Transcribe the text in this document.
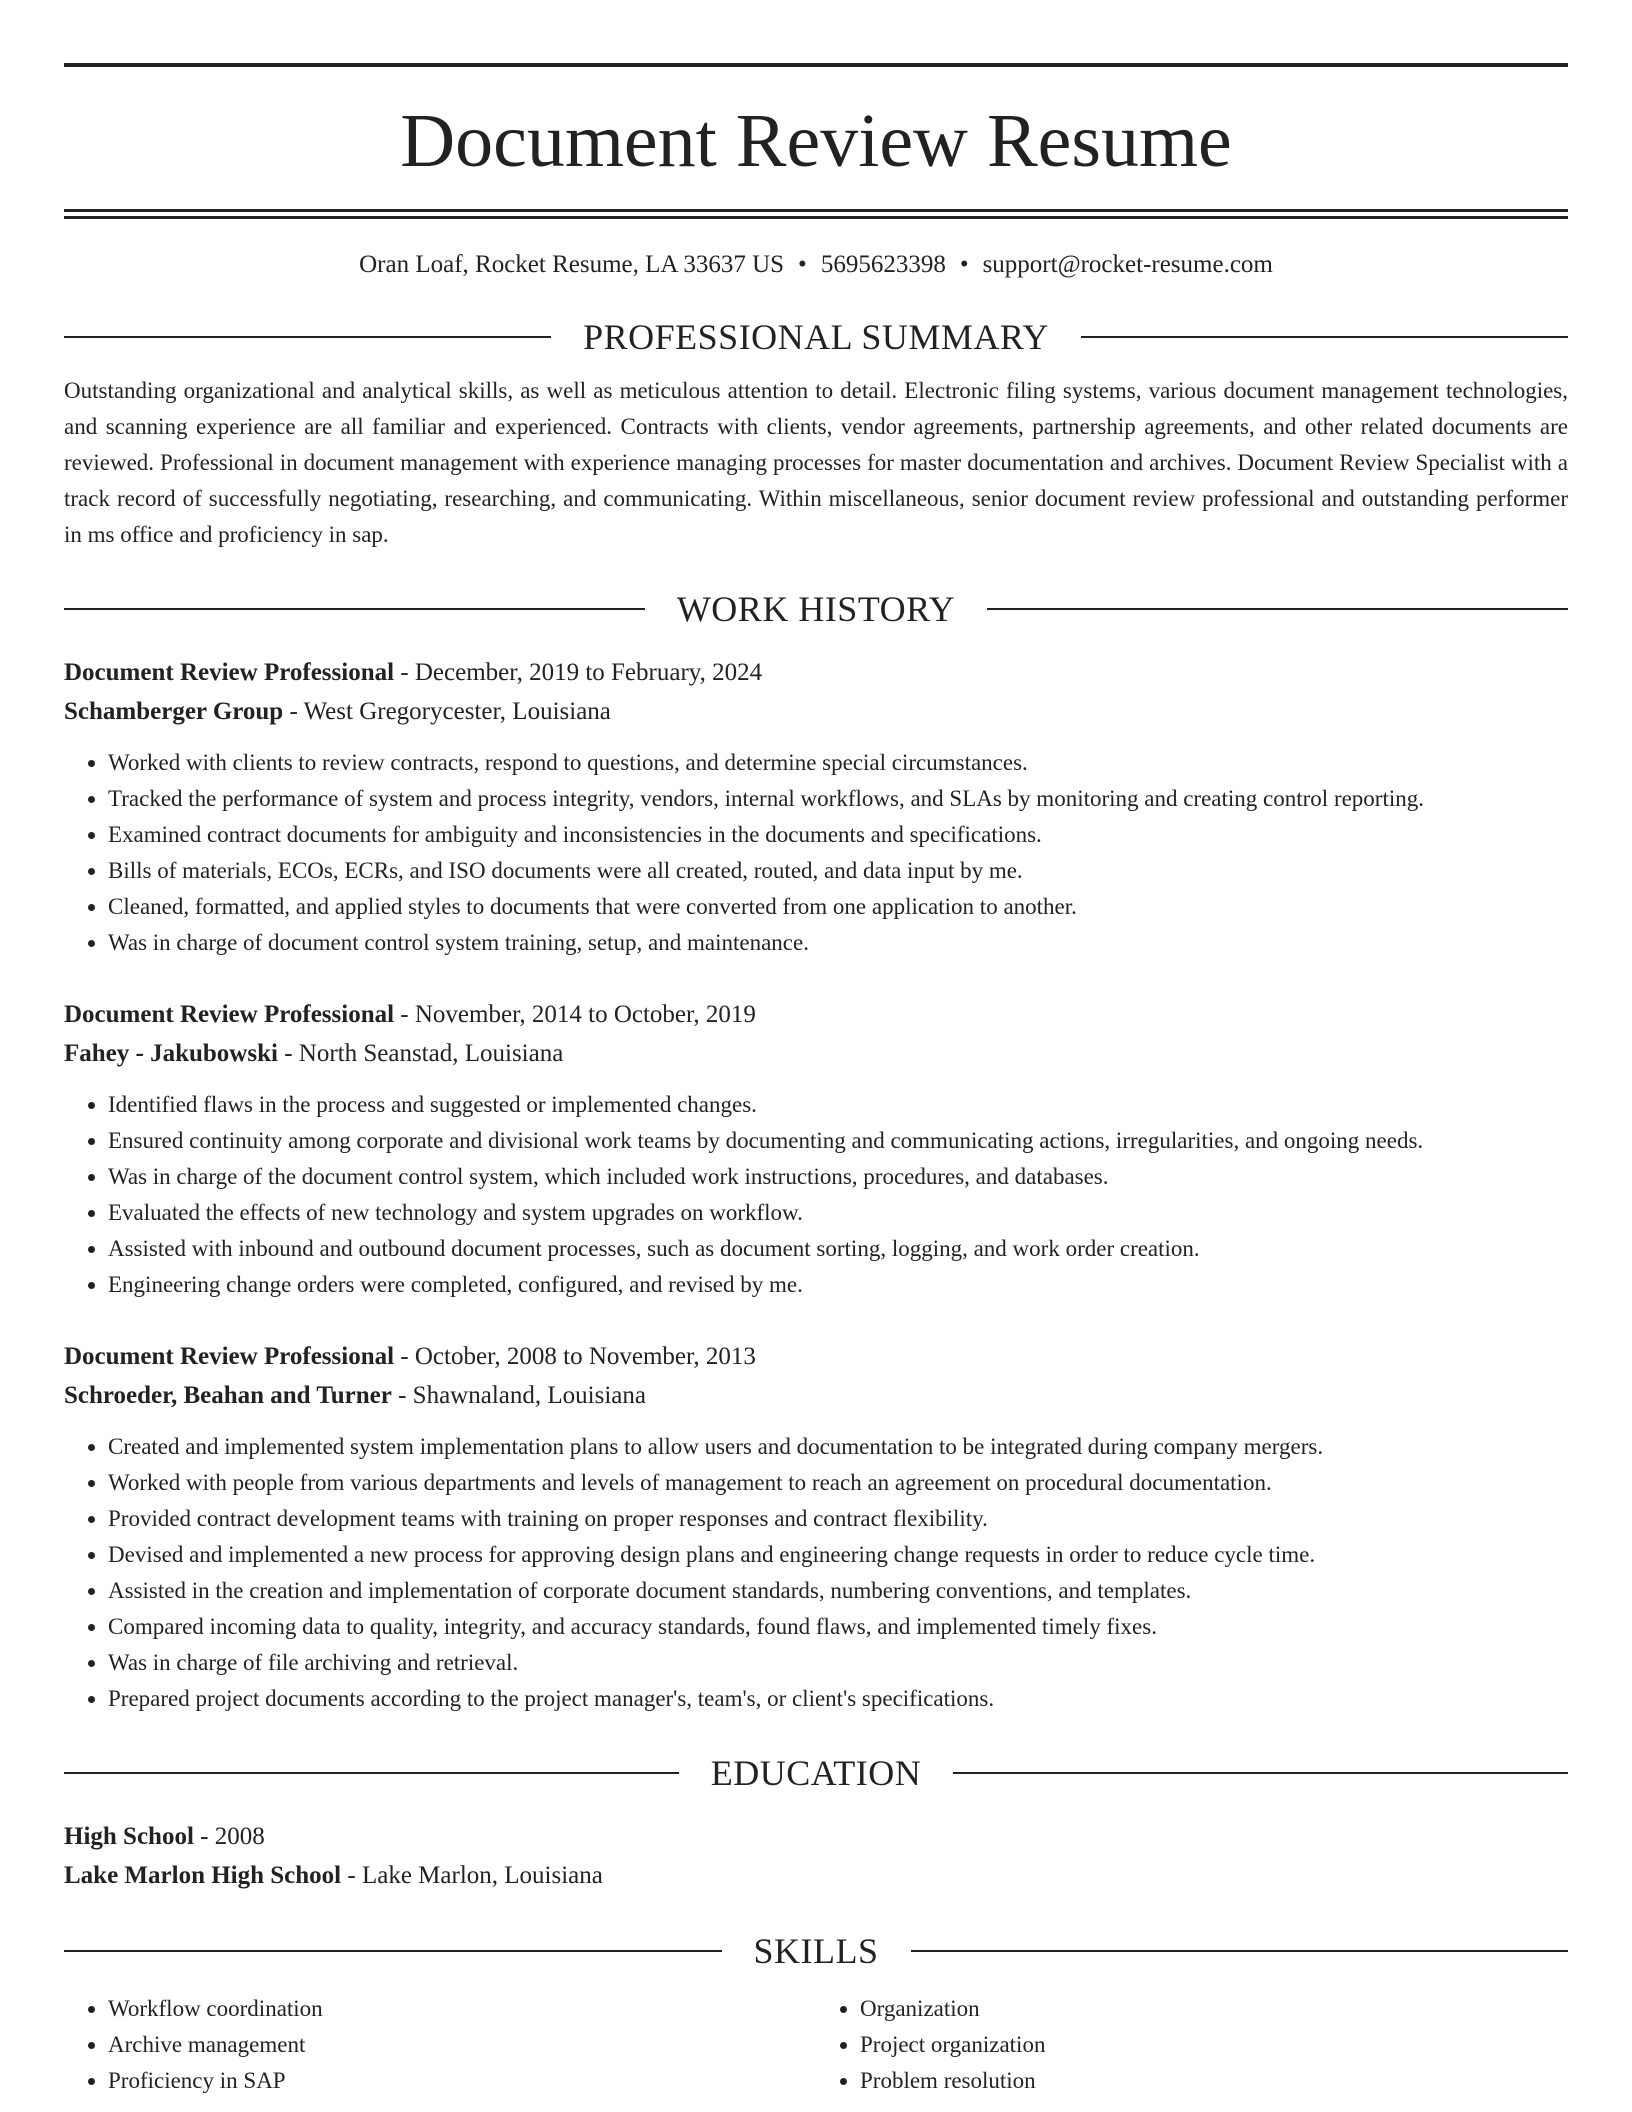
Document Review Resume
Oran Loaf, Rocket Resume, LA 33637 US • 5695623398 • support@rocket-resume.com
PROFESSIONAL SUMMARY
Outstanding organizational and analytical skills, as well as meticulous attention to detail. Electronic filing systems, various document management technologies, and scanning experience are all familiar and experienced. Contracts with clients, vendor agreements, partnership agreements, and other related documents are reviewed. Professional in document management with experience managing processes for master documentation and archives. Document Review Specialist with a track record of successfully negotiating, researching, and communicating. Within miscellaneous, senior document review professional and outstanding performer in ms office and proficiency in sap.
WORK HISTORY
Document Review Professional - December, 2019 to February, 2024
Schamberger Group - West Gregorycester, Louisiana
• Worked with clients to review contracts, respond to questions, and determine special circumstances.
• Tracked the performance of system and process integrity, vendors, internal workflows, and SLAs by monitoring and creating control reporting.
• Examined contract documents for ambiguity and inconsistencies in the documents and specifications.
• Bills of materials, ECOs, ECRs, and ISO documents were all created, routed, and data input by me.
• Cleaned, formatted, and applied styles to documents that were converted from one application to another.
• Was in charge of document control system training, setup, and maintenance.
Document Review Professional - November, 2014 to October, 2019
Fahey - Jakubowski - North Seanstad, Louisiana
• Identified flaws in the process and suggested or implemented changes.
• Ensured continuity among corporate and divisional work teams by documenting and communicating actions, irregularities, and ongoing needs.
• Was in charge of the document control system, which included work instructions, procedures, and databases.
• Evaluated the effects of new technology and system upgrades on workflow.
• Assisted with inbound and outbound document processes, such as document sorting, logging, and work order creation.
• Engineering change orders were completed, configured, and revised by me.
Document Review Professional - October, 2008 to November, 2013
Schroeder, Beahan and Turner - Shawnaland, Louisiana
• Created and implemented system implementation plans to allow users and documentation to be integrated during company mergers.
• Worked with people from various departments and levels of management to reach an agreement on procedural documentation.
• Provided contract development teams with training on proper responses and contract flexibility.
• Devised and implemented a new process for approving design plans and engineering change requests in order to reduce cycle time.
• Assisted in the creation and implementation of corporate document standards, numbering conventions, and templates.
• Compared incoming data to quality, integrity, and accuracy standards, found flaws, and implemented timely fixes.
• Was in charge of file archiving and retrieval.
• Prepared project documents according to the project manager's, team's, or client's specifications.
EDUCATION
High School - 2008
Lake Marlon High School - Lake Marlon, Louisiana
SKILLS
• Workflow coordination
• Archive management
• Proficiency in SAP
• Organization
• Project organization
• Problem resolution
